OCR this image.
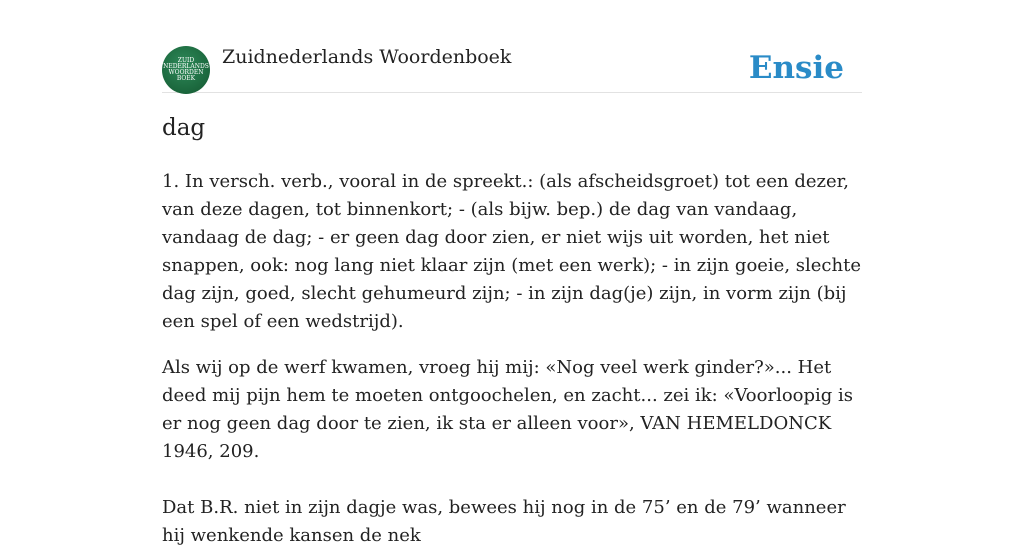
ZUID
NEDERLANDS
WOORDEN
BOEK
Zuidnederlands Woordenboek	Ensie
dag

1. In versch. verb., vooral in de spreekt.: (als afscheidsgroet) tot een dezer, van deze dagen, tot binnenkort; - (als bijw. bep.) de dag van vandaag, vandaag de dag; - er geen dag door zien, er niet wijs uit worden, het niet snappen, ook: nog lang niet klaar zijn (met een werk); - in zijn goeie, slechte dag zijn, goed, slecht gehumeurd zijn; - in zijn dag(je) zijn, in vorm zijn (bij een spel of een wedstrijd).

Als wij op de werf kwamen, vroeg hij mij: «Nog veel werk ginder?»... Het deed mij pijn hem te moeten ontgoochelen, en zacht... zei ik: «Voorloopig is er nog geen dag door te zien, ik sta er alleen voor», VAN HEMELDONCK 1946, 209.

Dat B.R. niet in zijn dagje was, bewees hij nog in de 75’ en de 79’ wanneer hij wenkende kansen de nek
